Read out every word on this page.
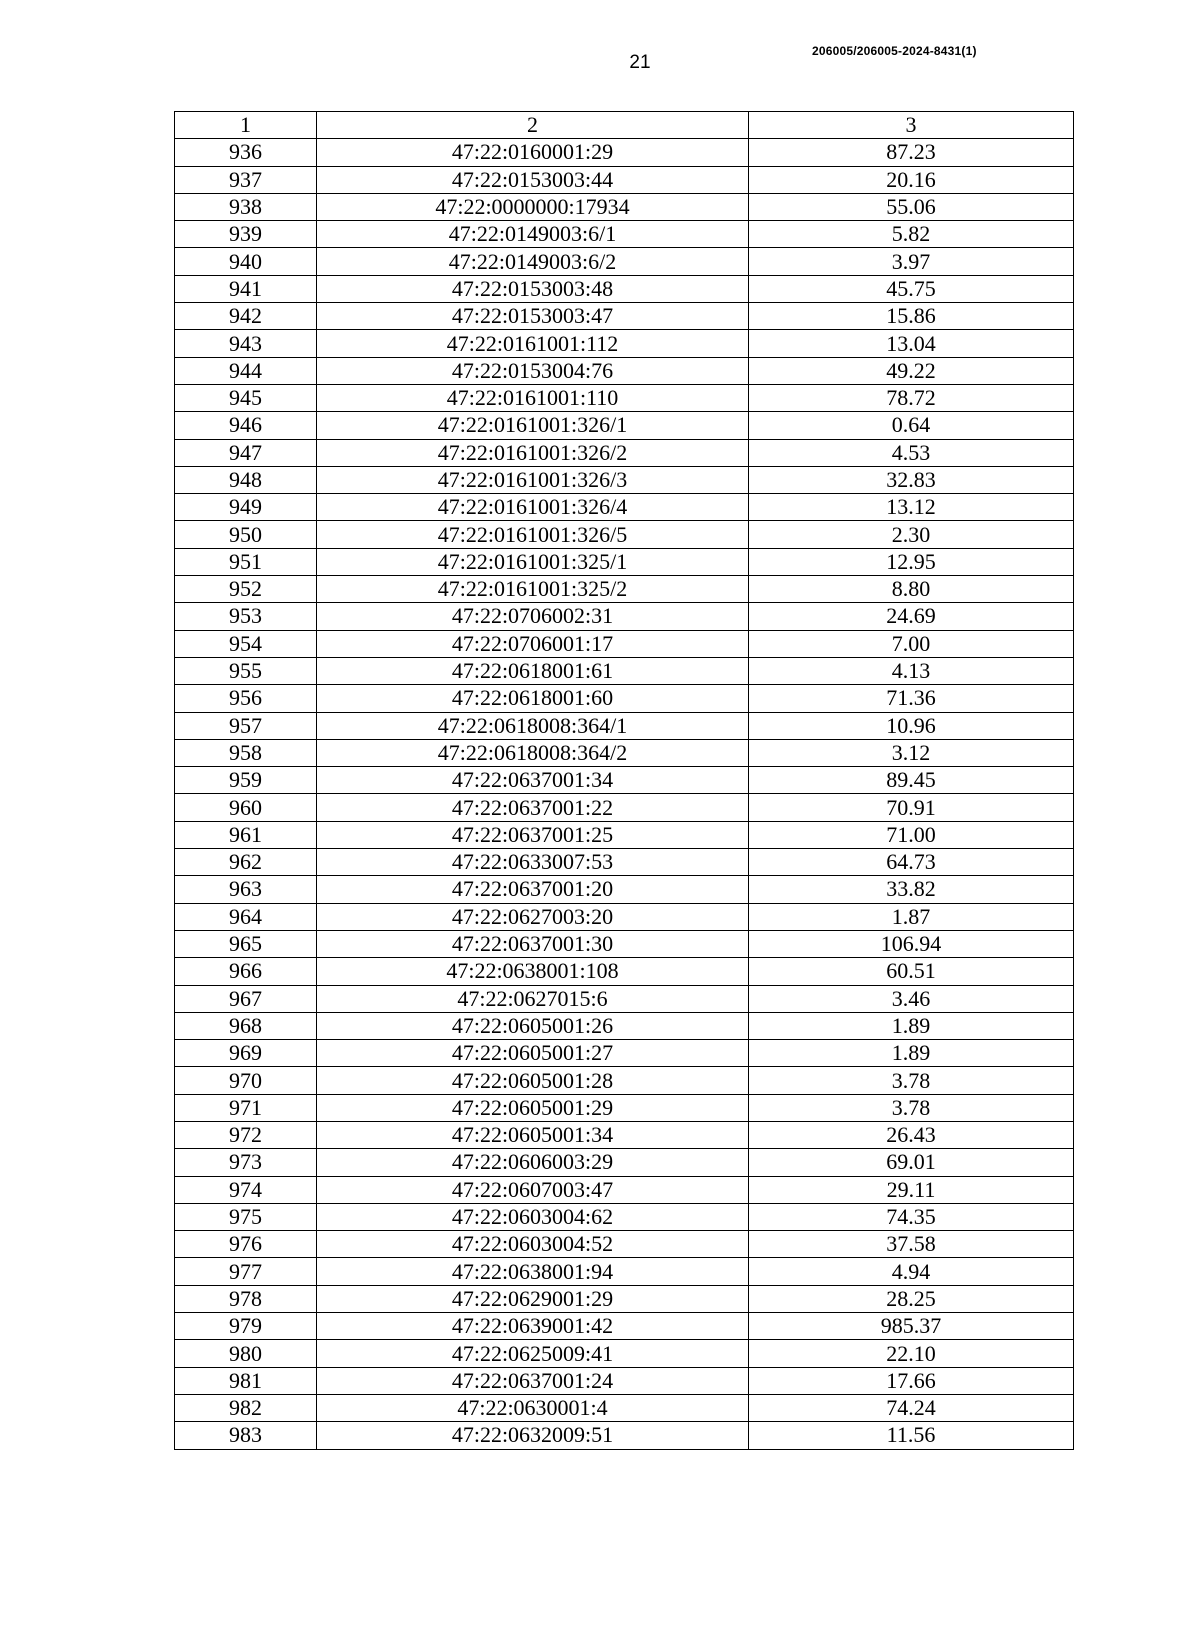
21
206005/206005-2024-8431(1)
1	2	3
936	47:22:0160001:29	87.23
937	47:22:0153003:44	20.16
938	47:22:0000000:17934	55.06
939	47:22:0149003:6/1	5.82
940	47:22:0149003:6/2	3.97
941	47:22:0153003:48	45.75
942	47:22:0153003:47	15.86
943	47:22:0161001:112	13.04
944	47:22:0153004:76	49.22
945	47:22:0161001:110	78.72
946	47:22:0161001:326/1	0.64
947	47:22:0161001:326/2	4.53
948	47:22:0161001:326/3	32.83
949	47:22:0161001:326/4	13.12
950	47:22:0161001:326/5	2.30
951	47:22:0161001:325/1	12.95
952	47:22:0161001:325/2	8.80
953	47:22:0706002:31	24.69
954	47:22:0706001:17	7.00
955	47:22:0618001:61	4.13
956	47:22:0618001:60	71.36
957	47:22:0618008:364/1	10.96
958	47:22:0618008:364/2	3.12
959	47:22:0637001:34	89.45
960	47:22:0637001:22	70.91
961	47:22:0637001:25	71.00
962	47:22:0633007:53	64.73
963	47:22:0637001:20	33.82
964	47:22:0627003:20	1.87
965	47:22:0637001:30	106.94
966	47:22:0638001:108	60.51
967	47:22:0627015:6	3.46
968	47:22:0605001:26	1.89
969	47:22:0605001:27	1.89
970	47:22:0605001:28	3.78
971	47:22:0605001:29	3.78
972	47:22:0605001:34	26.43
973	47:22:0606003:29	69.01
974	47:22:0607003:47	29.11
975	47:22:0603004:62	74.35
976	47:22:0603004:52	37.58
977	47:22:0638001:94	4.94
978	47:22:0629001:29	28.25
979	47:22:0639001:42	985.37
980	47:22:0625009:41	22.10
981	47:22:0637001:24	17.66
982	47:22:0630001:4	74.24
983	47:22:0632009:51	11.56
